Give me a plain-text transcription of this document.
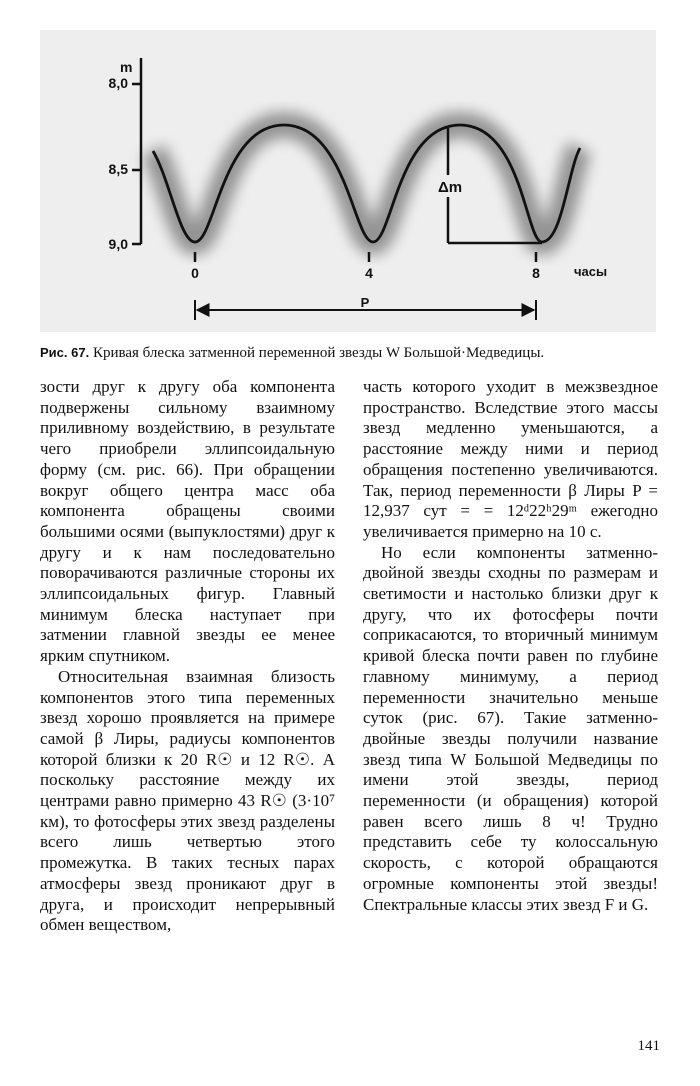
m
8,0
8,5
9,0
Δm
0	4	8	часы
P
Рис. 67. Кривая блеска затменной переменной звезды W Большой·Медведицы.

зости друг к другу оба компонента подвержены сильному взаимному приливному воздействию, в результате чего приобрели эллипсоидальную форму (см. рис. 66). При обращении вокруг общего центра масс оба компонента обращены своими большими осями (выпуклостями) друг к другу и к нам последовательно поворачиваются различные стороны их эллипсоидальных фигур. Главный минимум блеска наступает при затмении главной звезды ее менее ярким спутником.

Относительная взаимная близость компонентов этого типа переменных звезд хорошо проявляется на примере самой β Лиры, радиусы компонентов которой близки к 20 R☉ и 12 R☉. А поскольку расстояние между их центрами равно примерно 43 R☉ (3·10⁷ км), то фотосферы этих звезд разделены всего лишь четвертью этого промежутка. В таких тесных парах атмосферы звезд проникают друг в друга, и происходит непрерывный обмен веществом,

часть которого уходит в межзвездное пространство. Вследствие этого массы звезд медленно уменьшаются, а расстояние между ними и период обращения постепенно увеличиваются. Так, период переменности β Лиры P = 12,937 сут = = 12ᵈ22ʰ29ᵐ ежегодно увеличивается примерно на 10 с.

Но если компоненты затменно-двойной звезды сходны по размерам и светимости и настолько близки друг к другу, что их фотосферы почти соприкасаются, то вторичный минимум кривой блеска почти равен по глубине главному минимуму, а период переменности значительно меньше суток (рис. 67). Такие затменно-двойные звезды получили название звезд типа W Большой Медведицы по имени этой звезды, период переменности (и обращения) которой равен всего лишь 8 ч! Трудно представить себе ту колоссальную скорость, с которой обращаются огромные компоненты этой звезды! Спектральные классы этих звезд F и G.

141
